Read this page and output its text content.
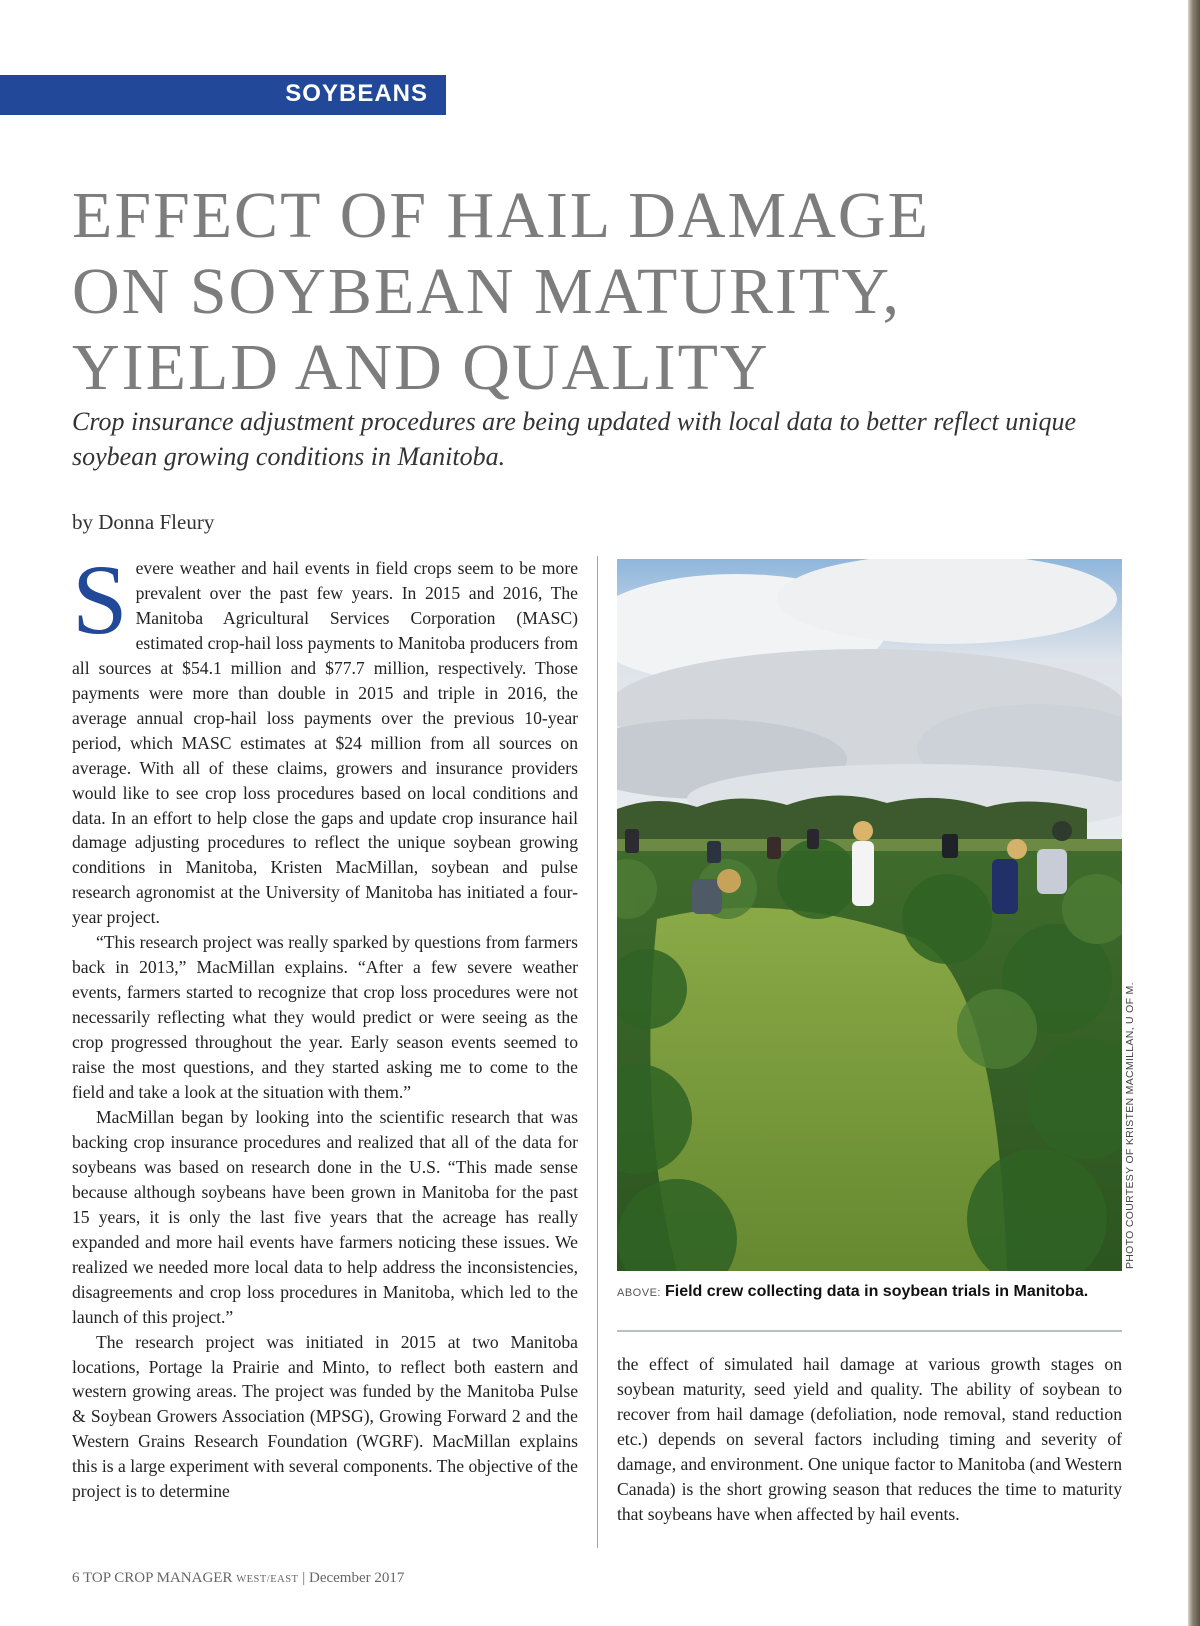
SOYBEANS
EFFECT OF HAIL DAMAGE
ON SOYBEAN MATURITY,
YIELD AND QUALITY

Crop insurance adjustment procedures are being updated with local data to better reflect unique soybean growing conditions in Manitoba.

by Donna Fleury

Severe weather and hail events in field crops seem to be more prevalent over the past few years. In 2015 and 2016, The Manitoba Agricultural Services Corporation (MASC) estimated crop-hail loss payments to Manitoba producers from all sources at $54.1 million and $77.7 million, respectively. Those payments were more than double in 2015 and triple in 2016, the average annual crop-hail loss payments over the previous 10-year period, which MASC estimates at $24 million from all sources on average. With all of these claims, growers and insurance providers would like to see crop loss procedures based on local conditions and data. In an effort to help close the gaps and update crop insurance hail damage adjusting procedures to reflect the unique soybean growing conditions in Manitoba, Kristen MacMillan, soybean and pulse research agronomist at the University of Manitoba has initiated a four-year project.

“This research project was really sparked by questions from farmers back in 2013,” MacMillan explains. “After a few severe weather events, farmers started to recognize that crop loss procedures were not necessarily reflecting what they would predict or were seeing as the crop progressed throughout the year. Early season events seemed to raise the most questions, and they started asking me to come to the field and take a look at the situation with them.”

MacMillan began by looking into the scientific research that was backing crop insurance procedures and realized that all of the data for soybeans was based on research done in the U.S. “This made sense because although soybeans have been grown in Manitoba for the past 15 years, it is only the last five years that the acreage has really expanded and more hail events have farmers noticing these issues. We realized we needed more local data to help address the inconsistencies, disagreements and crop loss procedures in Manitoba, which led to the launch of this project.”

The research project was initiated in 2015 at two Manitoba locations, Portage la Prairie and Minto, to reflect both eastern and western growing areas. The project was funded by the Manitoba Pulse & Soybean Growers Association (MPSG), Growing Forward 2 and the Western Grains Research Foundation (WGRF). MacMillan explains this is a large experiment with several components. The objective of the project is to determine

PHOTO COURTESY OF KRISTEN MACMILLAN, U OF M.
ABOVE: Field crew collecting data in soybean trials in Manitoba.

the effect of simulated hail damage at various growth stages on soybean maturity, seed yield and quality. The ability of soybean to recover from hail damage (defoliation, node removal, stand reduction etc.) depends on several factors including timing and severity of damage, and environment. One unique factor to Manitoba (and Western Canada) is the short growing season that reduces the time to maturity that soybeans have when affected by hail events.

6 TOP CROP MANAGER WEST/EAST | December 2017
